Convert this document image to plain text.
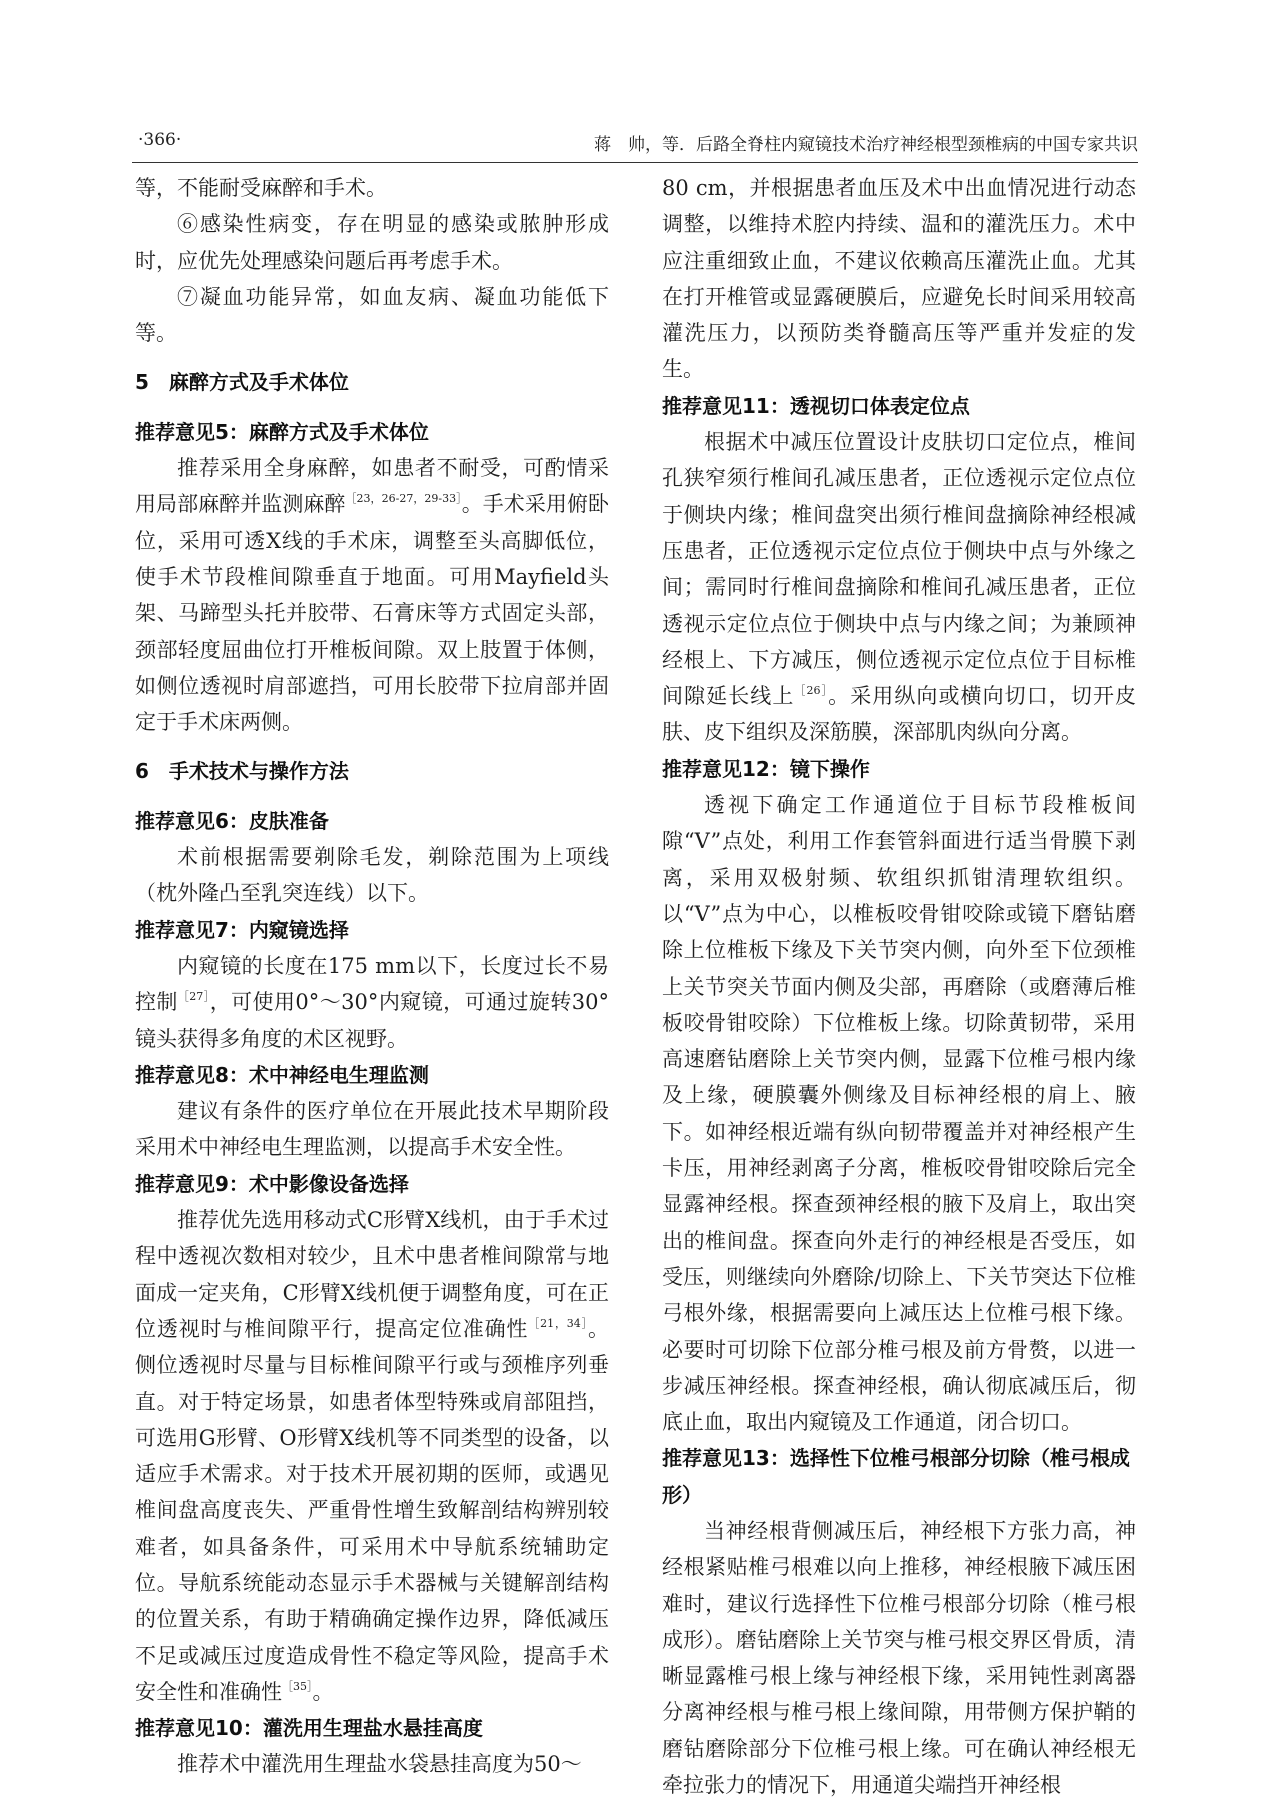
·366·	蒋　帅，等．后路全脊柱内窥镜技术治疗神经根型颈椎病的中国专家共识

等，不能耐受麻醉和手术。

⑥感染性病变，存在明显的感染或脓肿形成时，应优先处理感染问题后再考虑手术。

⑦凝血功能异常，如血友病、凝血功能低下等。

5　麻醉方式及手术体位
推荐意见5：麻醉方式及手术体位

推荐采用全身麻醉，如患者不耐受，可酌情采用局部麻醉并监测麻醉$^{[23,26-27,29-33]}$。手术采用俯卧位，采用可透X线的手术床，调整至头高脚低位，使手术节段椎间隙垂直于地面。可用Mayfield头架、马蹄型头托并胶带、石膏床等方式固定头部，颈部轻度屈曲位打开椎板间隙。双上肢置于体侧，如侧位透视时肩部遮挡，可用长胶带下拉肩部并固定于手术床两侧。

6　手术技术与操作方法
推荐意见6：皮肤准备

术前根据需要剃除毛发，剃除范围为上项线（枕外隆凸至乳突连线）以下。

推荐意见7：内窥镜选择

内窥镜的长度在175 mm以下，长度过长不易控制$^{[27]}$，可使用0°～30°内窥镜，可通过旋转30°镜头获得多角度的术区视野。

推荐意见8：术中神经电生理监测

建议有条件的医疗单位在开展此技术早期阶段采用术中神经电生理监测，以提高手术安全性。

推荐意见9：术中影像设备选择

推荐优先选用移动式C形臂X线机，由于手术过程中透视次数相对较少，且术中患者椎间隙常与地面成一定夹角，C形臂X线机便于调整角度，可在正位透视时与椎间隙平行，提高定位准确性$^{[21,34]}$。侧位透视时尽量与目标椎间隙平行或与颈椎序列垂直。对于特定场景，如患者体型特殊或肩部阻挡，可选用G形臂、O形臂X线机等不同类型的设备，以适应手术需求。对于技术开展初期的医师，或遇见椎间盘高度丧失、严重骨性增生致解剖结构辨别较难者，如具备条件，可采用术中导航系统辅助定位。导航系统能动态显示手术器械与关键解剖结构的位置关系，有助于精确确定操作边界，降低减压不足或减压过度造成骨性不稳定等风险，提高手术安全性和准确性$^{[35]}$。

推荐意见10：灌洗用生理盐水悬挂高度

推荐术中灌洗用生理盐水袋悬挂高度为50～

80 cm，并根据患者血压及术中出血情况进行动态调整，以维持术腔内持续、温和的灌洗压力。术中应注重细致止血，不建议依赖高压灌洗止血。尤其在打开椎管或显露硬膜后，应避免长时间采用较高灌洗压力，以预防类脊髓高压等严重并发症的发生。

推荐意见11：透视切口体表定位点

根据术中减压位置设计皮肤切口定位点，椎间孔狭窄须行椎间孔减压患者，正位透视示定位点位于侧块内缘；椎间盘突出须行椎间盘摘除神经根减压患者，正位透视示定位点位于侧块中点与外缘之间；需同时行椎间盘摘除和椎间孔减压患者，正位透视示定位点位于侧块中点与内缘之间；为兼顾神经根上、下方减压，侧位透视示定位点位于目标椎间隙延长线上$^{[26]}$。采用纵向或横向切口，切开皮肤、皮下组织及深筋膜，深部肌肉纵向分离。

推荐意见12：镜下操作

透视下确定工作通道位于目标节段椎板间隙“V”点处，利用工作套管斜面进行适当骨膜下剥离，采用双极射频、软组织抓钳清理软组织。以“V”点为中心，以椎板咬骨钳咬除或镜下磨钻磨除上位椎板下缘及下关节突内侧，向外至下位颈椎上关节突关节面内侧及尖部，再磨除（或磨薄后椎板咬骨钳咬除）下位椎板上缘。切除黄韧带，采用高速磨钻磨除上关节突内侧，显露下位椎弓根内缘及上缘，硬膜囊外侧缘及目标神经根的肩上、腋下。如神经根近端有纵向韧带覆盖并对神经根产生卡压，用神经剥离子分离，椎板咬骨钳咬除后完全显露神经根。探查颈神经根的腋下及肩上，取出突出的椎间盘。探查向外走行的神经根是否受压，如受压，则继续向外磨除/切除上、下关节突达下位椎弓根外缘，根据需要向上减压达上位椎弓根下缘。必要时可切除下位部分椎弓根及前方骨赘，以进一步减压神经根。探查神经根，确认彻底减压后，彻底止血，取出内窥镜及工作通道，闭合切口。

推荐意见13：选择性下位椎弓根部分切除（椎弓根成形）

当神经根背侧减压后，神经根下方张力高，神经根紧贴椎弓根难以向上推移，神经根腋下减压困难时，建议行选择性下位椎弓根部分切除（椎弓根成形）。磨钻磨除上关节突与椎弓根交界区骨质，清晰显露椎弓根上缘与神经根下缘，采用钝性剥离器分离神经根与椎弓根上缘间隙，用带侧方保护鞘的磨钻磨除部分下位椎弓根上缘。可在确认神经根无牵拉张力的情况下，用通道尖端挡开神经根
